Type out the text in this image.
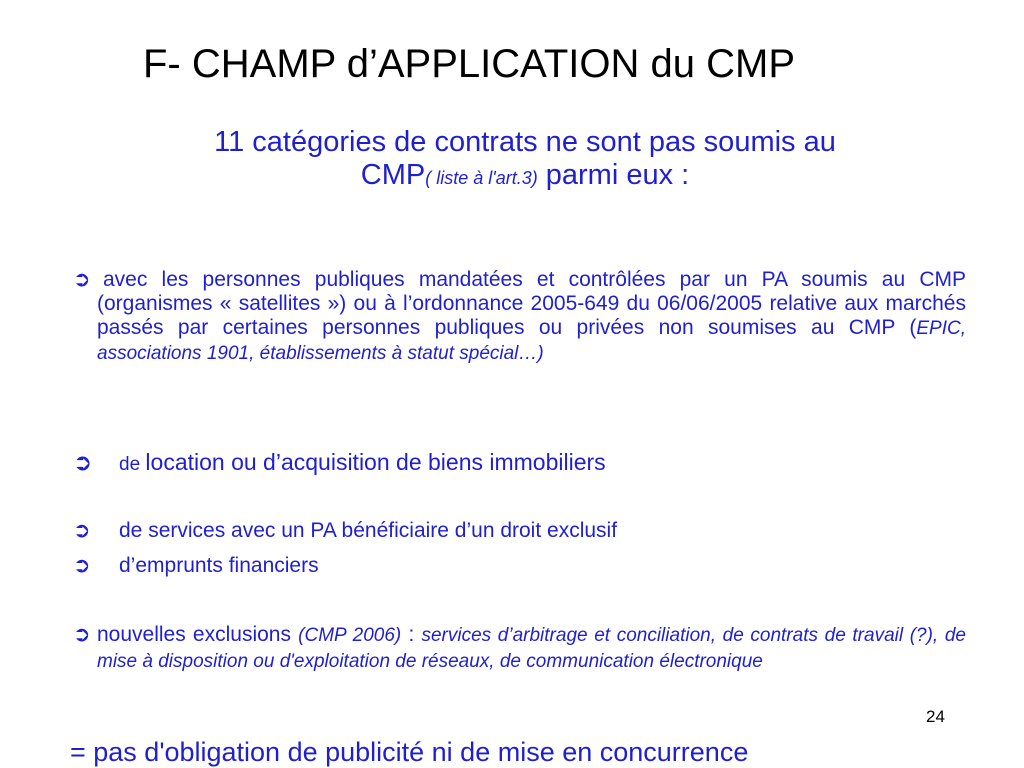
F- CHAMP d’APPLICATION du CMP
11 catégories de contrats ne sont pas soumis au
CMP( liste à l'art.3) parmi eux :
➲ avec les personnes publiques mandatées et contrôlées par un PA soumis au CMP (organismes « satellites ») ou à l’ordonnance 2005-649 du 06/06/2005 relative aux marchés passés par certaines personnes publiques ou privées non soumises au CMP (EPIC, associations 1901, établissements à statut spécial…)
➲	de location ou d’acquisition de biens immobiliers
➲	de services avec un PA bénéficiaire d’un droit exclusif
➲	d’emprunts financiers
➲ nouvelles exclusions (CMP 2006) : services d’arbitrage et conciliation, de contrats de travail (?), de mise à disposition ou d'exploitation de réseaux, de communication électronique
24
= pas d'obligation de publicité ni de mise en concurrence
